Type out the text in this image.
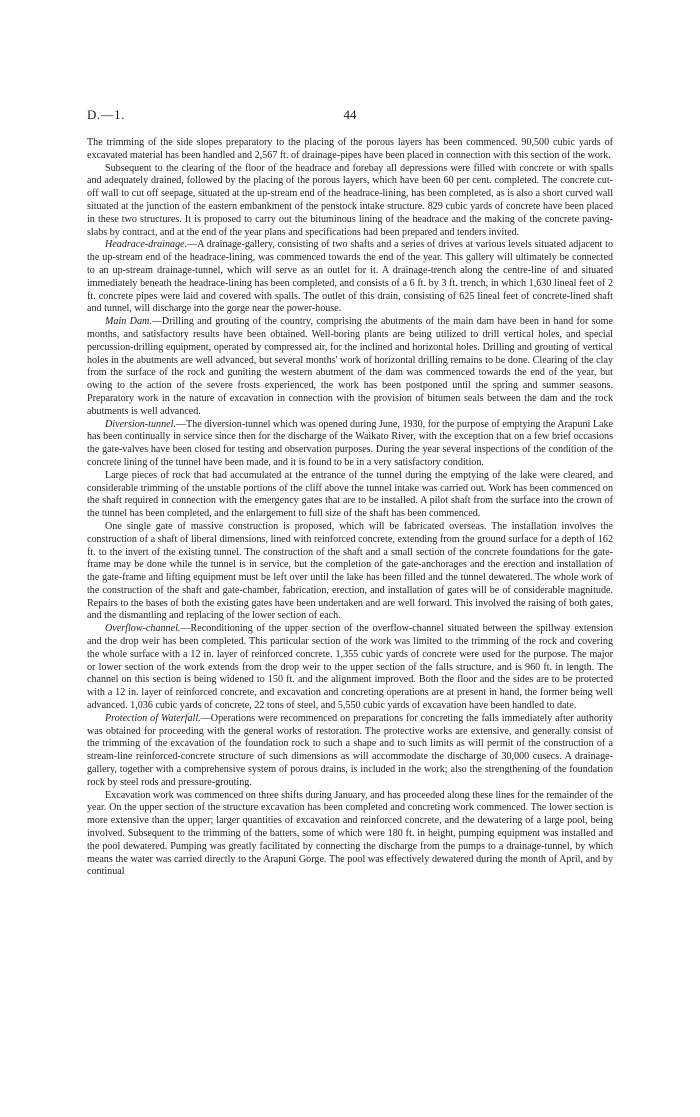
D.—1.	44

The trimming of the side slopes preparatory to the placing of the porous layers has been commenced. 90,500 cubic yards of excavated material has been handled and 2,567 ft. of drainage-pipes have been placed in connection with this section of the work.

Subsequent to the clearing of the floor of the headrace and forebay all depressions were filled with concrete or with spalls and adequately drained, followed by the placing of the porous layers, which have been 60 per cent. completed. The concrete cut-off wall to cut off seepage, situated at the up-stream end of the headrace-lining, has been completed, as is also a short curved wall situated at the junction of the eastern embankment of the penstock intake structure. 829 cubic yards of concrete have been placed in these two structures. It is proposed to carry out the bituminous lining of the headrace and the making of the concrete paving-slabs by contract, and at the end of the year plans and specifications had been prepared and tenders invited.

Headrace-drainage.—A drainage-gallery, consisting of two shafts and a series of drives at various levels situated adjacent to the up-stream end of the headrace-lining, was commenced towards the end of the year. This gallery will ultimately be connected to an up-stream drainage-tunnel, which will serve as an outlet for it. A drainage-trench along the centre-line of and situated immediately beneath the headrace-lining has been completed, and consists of a 6 ft. by 3 ft. trench, in which 1,630 lineal feet of 2 ft. concrete pipes were laid and covered with spalls. The outlet of this drain, consisting of 625 lineal feet of concrete-lined shaft and tunnel, will discharge into the gorge near the power-house.

Main Dam.—Drilling and grouting of the country, comprising the abutments of the main dam have been in hand for some months, and satisfactory results have been obtained. Well-boring plants are being utilized to drill vertical holes, and special percussion-drilling equipment, operated by compressed air, for the inclined and horizontal holes. Drilling and grouting of vertical holes in the abutments are well advanced, but several months' work of horizontal drilling remains to be done. Clearing of the clay from the surface of the rock and guniting the western abutment of the dam was commenced towards the end of the year, but owing to the action of the severe frosts experienced, the work has been postponed until the spring and summer seasons. Preparatory work in the nature of excavation in connection with the provision of bitumen seals between the dam and the rock abutments is well advanced.

Diversion-tunnel.—The diversion-tunnel which was opened during June, 1930, for the purpose of emptying the Arapuni Lake has been continually in service since then for the discharge of the Waikato River, with the exception that on a few brief occasions the gate-valves have been closed for testing and observation purposes. During the year several inspections of the condition of the concrete lining of the tunnel have been made, and it is found to be in a very satisfactory condition.

Large pieces of rock that had accumulated at the entrance of the tunnel during the emptying of the lake were cleared, and considerable trimming of the unstable portions of the cliff above the tunnel intake was carried out. Work has been commenced on the shaft required in connection with the emergency gates that are to be installed. A pilot shaft from the surface into the crown of the tunnel has been completed, and the enlargement to full size of the shaft has been commenced.

One single gate of massive construction is proposed, which will be fabricated overseas. The installation involves the construction of a shaft of liberal dimensions, lined with reinforced concrete, extending from the ground surface for a depth of 162 ft. to the invert of the existing tunnel. The construction of the shaft and a small section of the concrete foundations for the gate-frame may be done while the tunnel is in service, but the completion of the gate-anchorages and the erection and installation of the gate-frame and lifting equipment must be left over until the lake has been filled and the tunnel dewatered. The whole work of the construction of the shaft and gate-chamber, fabrication, erection, and installation of gates will be of considerable magnitude. Repairs to the bases of both the existing gates have been undertaken and are well forward. This involved the raising of both gates, and the dismantling and replacing of the lower section of each.

Overflow-channel.—Reconditioning of the upper section of the overflow-channel situated between the spillway extension and the drop weir has been completed. This particular section of the work was limited to the trimming of the rock and covering the whole surface with a 12 in. layer of reinforced concrete. 1,355 cubic yards of concrete were used for the purpose. The major or lower section of the work extends from the drop weir to the upper section of the falls structure, and is 960 ft. in length. The channel on this section is being widened to 150 ft. and the alignment improved. Both the floor and the sides are to be protected with a 12 in. layer of reinforced concrete, and excavation and concreting operations are at present in hand, the former being well advanced. 1,036 cubic yards of concrete, 22 tons of steel, and 5,550 cubic yards of excavation have been handled to date.

Protection of Waterfall.—Operations were recommenced on preparations for concreting the falls immediately after authority was obtained for proceeding with the general works of restoration. The protective works are extensive, and generally consist of the trimming of the excavation of the foundation rock to such a shape and to such limits as will permit of the construction of a stream-line reinforced-concrete structure of such dimensions as will accommodate the discharge of 30,000 cusecs. A drainage-gallery, together with a comprehensive system of porous drains, is included in the work; also the strengthening of the foundation rock by steel rods and pressure-grouting.

Excavation work was commenced on three shifts during January, and has proceeded along these lines for the remainder of the year. On the upper section of the structure excavation has been completed and concreting work commenced. The lower section is more extensive than the upper; larger quantities of excavation and reinforced concrete, and the dewatering of a large pool, being involved. Subsequent to the trimming of the batters, some of which were 180 ft. in height, pumping equipment was installed and the pool dewatered. Pumping was greatly facilitated by connecting the discharge from the pumps to a drainage-tunnel, by which means the water was carried directly to the Arapuni Gorge. The pool was effectively dewatered during the month of April, and by continual
